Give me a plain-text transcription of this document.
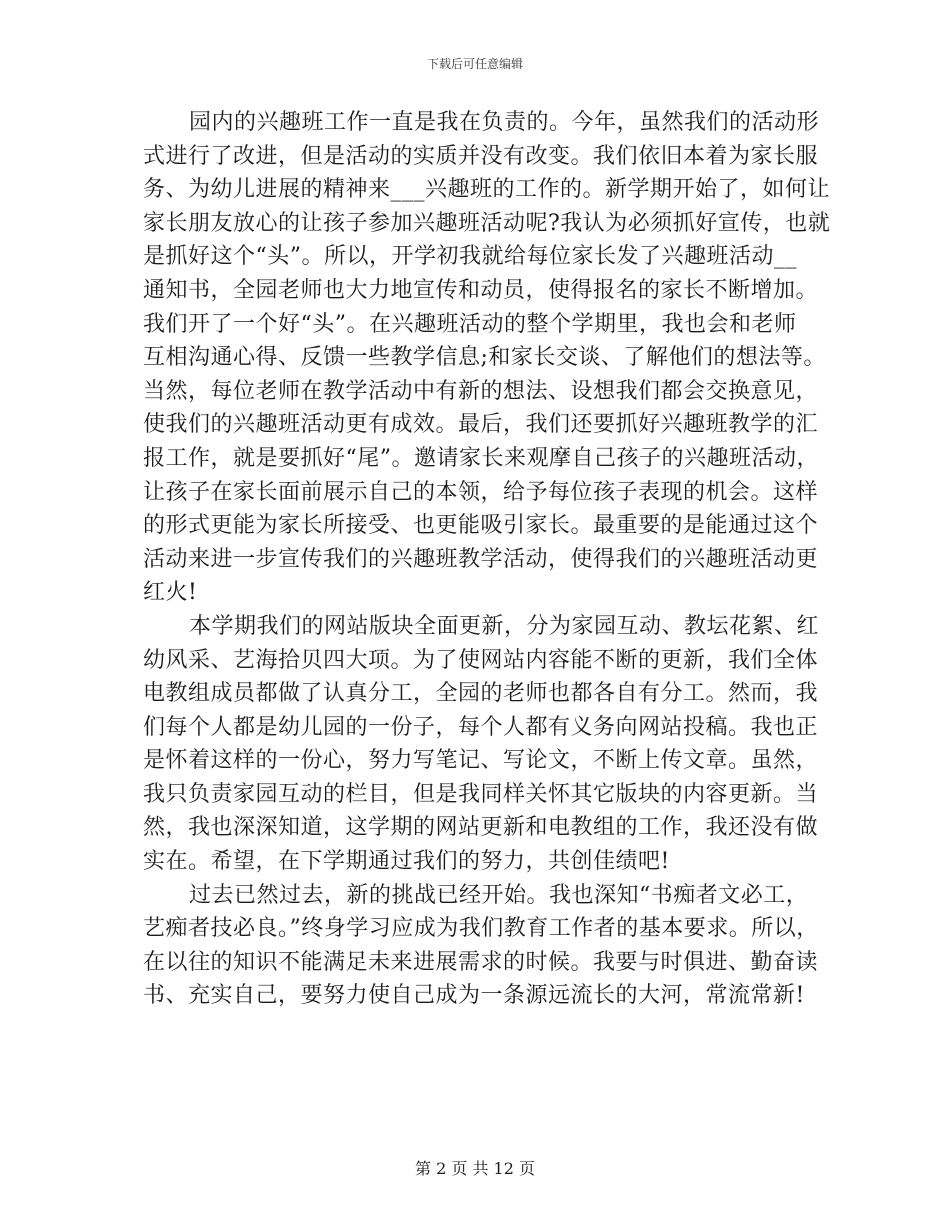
下载后可任意编辑
园内的兴趣班工作一直是我在负责的。今年，虽然我们的活动形
式进行了改进，但是活动的实质并没有改变。我们依旧本着为家长服
务、为幼儿进展的精神来___兴趣班的工作的。新学期开始了，如何让
家长朋友放心的让孩子参加兴趣班活动呢?我认为必须抓好宣传，也就
是抓好这个“头”。所以，开学初我就给每位家长发了兴趣班活动__
通知书，全园老师也大力地宣传和动员，使得报名的家长不断增加。
我们开了一个好“头”。在兴趣班活动的整个学期里，我也会和老师
互相沟通心得、反馈一些教学信息;和家长交谈、了解他们的想法等。
当然，每位老师在教学活动中有新的想法、设想我们都会交换意见，
使我们的兴趣班活动更有成效。最后，我们还要抓好兴趣班教学的汇
报工作，就是要抓好“尾”。邀请家长来观摩自己孩子的兴趣班活动，
让孩子在家长面前展示自己的本领，给予每位孩子表现的机会。这样
的形式更能为家长所接受、也更能吸引家长。最重要的是能通过这个
活动来进一步宣传我们的兴趣班教学活动，使得我们的兴趣班活动更
红火!
本学期我们的网站版块全面更新，分为家园互动、教坛花絮、红
幼风采、艺海拾贝四大项。为了使网站内容能不断的更新，我们全体
电教组成员都做了认真分工，全园的老师也都各自有分工。然而，我
们每个人都是幼儿园的一份子，每个人都有义务向网站投稿。我也正
是怀着这样的一份心，努力写笔记、写论文，不断上传文章。虽然，
我只负责家园互动的栏目，但是我同样关怀其它版块的内容更新。当
然，我也深深知道，这学期的网站更新和电教组的工作，我还没有做
实在。希望，在下学期通过我们的努力，共创佳绩吧!
过去已然过去，新的挑战已经开始。我也深知“书痴者文必工，
艺痴者技必良。”终身学习应成为我们教育工作者的基本要求。所以，
在以往的知识不能满足未来进展需求的时候。我要与时俱进、勤奋读
书、充实自己，要努力使自己成为一条源远流长的大河，常流常新!
第 2 页 共 12 页
